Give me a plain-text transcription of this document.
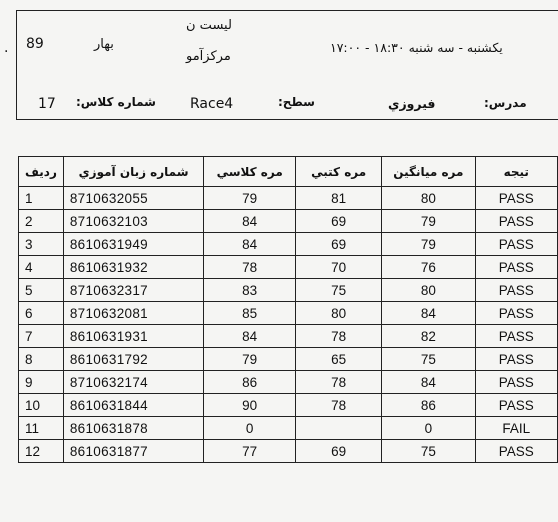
. 89	بهار
لیست ن
مرکزآمو
یکشنبه - سه شنبه ۱۸:۳۰ - ۱۷:۰۰
17 شماره کلاس: Race4	سطح:	فیروزي	مدرس:
ردیف	شماره زبان آموزي	مره کلاسي	مره کتبي	مره میانگین	تیجه
1	8710632055	79	81	80	PASS
2	8710632103	84	69	79	PASS
3	8610631949	84	69	79	PASS
4	8610631932	78	70	76	PASS
5	8710632317	83	75	80	PASS
6	8710632081	85	80	84	PASS
7	8610631931	84	78	82	PASS
8	8610631792	79	65	75	PASS
9	8710632174	86	78	84	PASS
10	8610631844	90	78	86	PASS
11	8610631878	0		0	FAIL
12	8610631877	77	69	75	PASS
